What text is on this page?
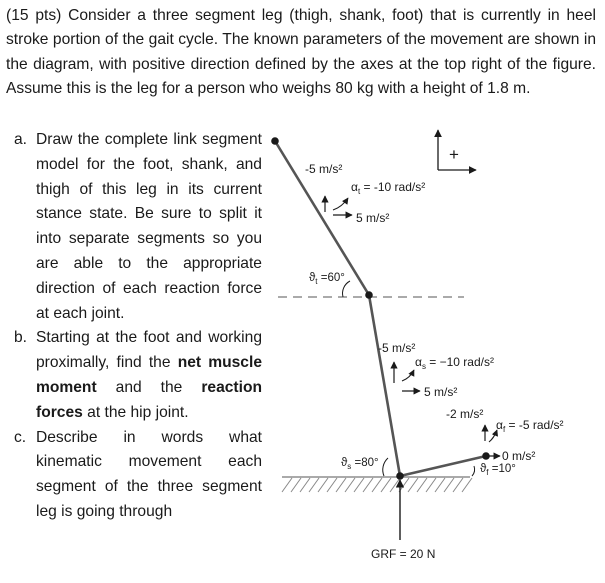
(15 pts) Consider a three segment leg (thigh, shank, foot) that is currently in heel stroke portion of the gait cycle. The known parameters of the movement are shown in the diagram, with positive direction defined by the axes at the top right of the figure. Assume this is the leg for a person who weighs 80 kg with a height of 1.8 m.
a. Draw the complete link segment model for the foot, shank, and thigh of this leg in its current stance state. Be sure to split it into separate segments so you are able to the appropriate direction of each reaction force at each joint.
b. Starting at the foot and working proximally, find the net muscle moment and the reaction forces at the hip joint.
c. Describe in words what kinematic movement each segment of the three segment leg is going through
+
-5 m/s²
$\alpha_t = -10$ rad/s²
5 m/s²
$ϑ_t =60^\circ$
-5 m/s²
$\alpha_s = -10$ rad/s²
5 m/s²
$ϑ_s =80^\circ$
-2 m/s²
$\alpha_f = -5$ rad/s²
0 m/s²
$ϑ_f =10^\circ$
GRF = 20 N
